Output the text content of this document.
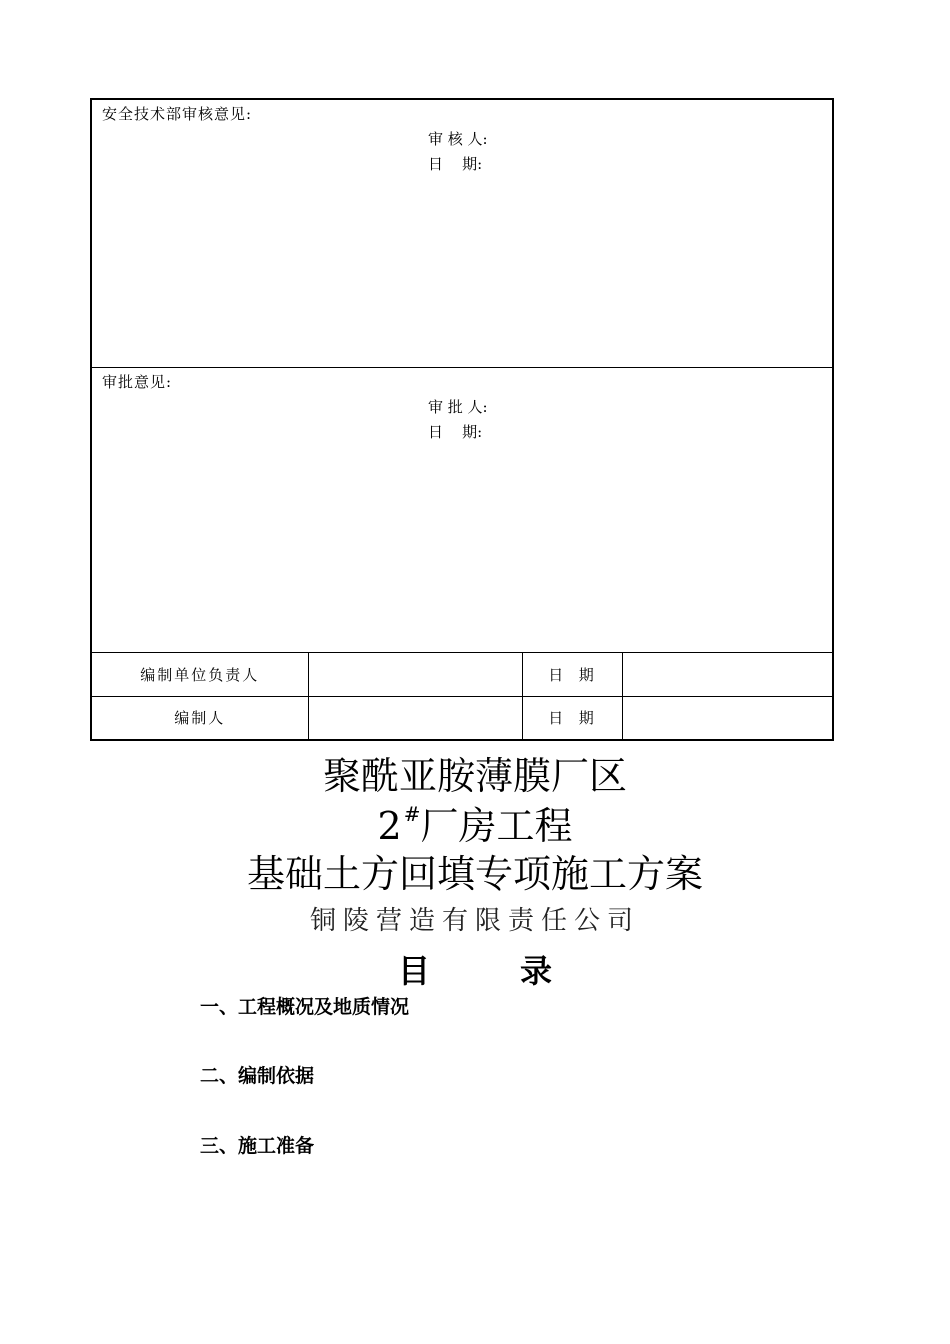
安全技术部审核意见:
审 核 人:
日    期:			

审批意见:
审 批 人:
日    期:			

编制单位负责人		日  期	
编制人		日  期	
聚酰亚胺薄膜厂区
2 #厂房工程
基础土方回填专项施工方案
铜陵营造有限责任公司
目	录
一、工程概况及地质情况
二、编制依据
三、施工准备
